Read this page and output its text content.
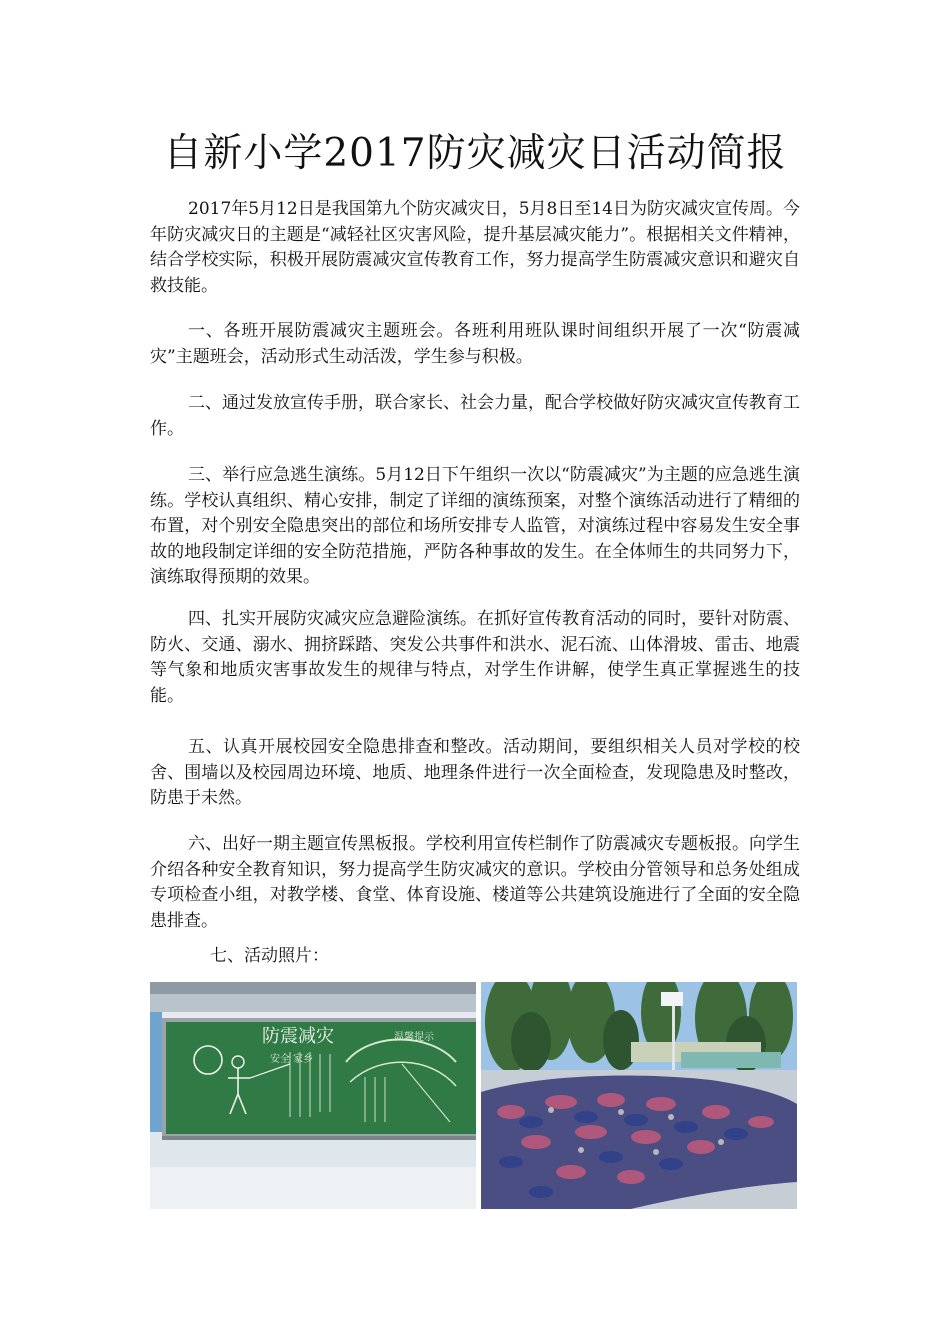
自新小学2017防灾减灾日活动简报

2017年5月12日是我国第九个防灾减灾日，5月8日至14日为防灾减灾宣传周。今年防灾减灾日的主题是“减轻社区灾害风险，提升基层减灾能力”。根据相关文件精神，结合学校实际，积极开展防震减灾宣传教育工作，努力提高学生防震减灾意识和避灾自救技能。

一、各班开展防震减灾主题班会。各班利用班队课时间组织开展了一次“防震减灾”主题班会，活动形式生动活泼，学生参与积极。

二、通过发放宣传手册，联合家长、社会力量，配合学校做好防灾减灾宣传教育工作。

三、举行应急逃生演练。5月12日下午组织一次以“防震减灾”为主题的应急逃生演练。学校认真组织、精心安排，制定了详细的演练预案，对整个演练活动进行了精细的布置，对个别安全隐患突出的部位和场所安排专人监管，对演练过程中容易发生安全事故的地段制定详细的安全防范措施，严防各种事故的发生。在全体师生的共同努力下，演练取得预期的效果。

四、扎实开展防灾减灾应急避险演练。在抓好宣传教育活动的同时，要针对防震、防火、交通、溺水、拥挤踩踏、突发公共事件和洪水、泥石流、山体滑坡、雷击、地震等气象和地质灾害事故发生的规律与特点，对学生作讲解，使学生真正掌握逃生的技能。

五、认真开展校园安全隐患排查和整改。活动期间，要组织相关人员对学校的校舍、围墙以及校园周边环境、地质、地理条件进行一次全面检查，发现隐患及时整改，防患于未然。

六、出好一期主题宣传黑板报。学校利用宣传栏制作了防震减灾专题板报。向学生介绍各种安全教育知识，努力提高学生防灾减灾的意识。学校由分管领导和总务处组成专项检查小组，对教学楼、食堂、体育设施、楼道等公共建筑设施进行了全面的安全隐患排查。

七、活动照片：
防震减灾
安全 家乡
温馨提示
